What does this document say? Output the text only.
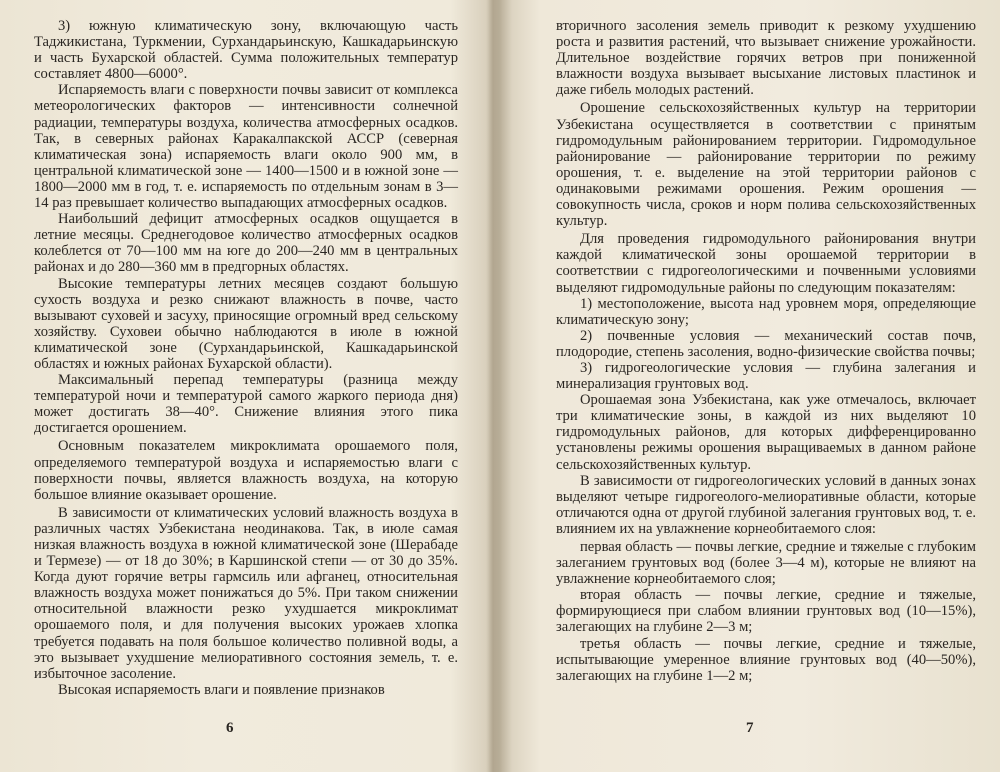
3) южную климатическую зону, включающую часть Таджикистана, Туркмении, Сурхандарьинскую, Кашкадарьинскую и часть Бухарской областей. Сумма положительных температур составляет 4800—6000°.

Испаряемость влаги с поверхности почвы зависит от комплекса метеорологических факторов — интенсивности солнечной радиации, температуры воздуха, количества атмосферных осадков. Так, в северных районах Каракалпакской АССР (северная климатическая зона) испаряемость влаги около 900 мм, в центральной климатической зоне — 1400—1500 и в южной зоне — 1800—2000 мм в год, т. е. испаряемость по отдельным зонам в 3—14 раз превышает количество выпадающих атмосферных осадков.

Наибольший дефицит атмосферных осадков ощущается в летние месяцы. Среднегодовое количество атмосферных осадков колеблется от 70—100 мм на юге до 200—240 мм в центральных районах и до 280—360 мм в предгорных областях.

Высокие температуры летних месяцев создают большую сухость воздуха и резко снижают влажность в почве, часто вызывают суховей и засуху, приносящие огромный вред сельскому хозяйству. Суховеи обычно наблюдаются в июле в южной климатической зоне (Сурхандарьинской, Кашкадарьинской областях и южных районах Бухарской области).

Максимальный перепад температуры (разница между температурой ночи и температурой самого жаркого периода дня) может достигать 38—40°. Снижение влияния этого пика достигается орошением.

Основным показателем микроклимата орошаемого поля, определяемого температурой воздуха и испаряемостью влаги с поверхности почвы, является влажность воздуха, на которую большое влияние оказывает орошение.

В зависимости от климатических условий влажность воздуха в различных частях Узбекистана неодинакова. Так, в июле самая низкая влажность воздуха в южной климатической зоне (Шерабаде и Термезе) — от 18 до 30%; в Каршинской степи — от 30 до 35%. Когда дуют горячие ветры гармсиль или афганец, относительная влажность воздуха может понижаться до 5%. При таком снижении относительной влажности резко ухудшается микроклимат орошаемого поля, и для получения высоких урожаев хлопка требуется подавать на поля большое количество поливной воды, а это вызывает ухудшение мелиоративного состояния земель, т. е. избыточное засоление.

Высокая испаряемость влаги и появление признаков

6

вторичного засоления земель приводит к резкому ухудшению роста и развития растений, что вызывает снижение урожайности. Длительное воздействие горячих ветров при пониженной влажности воздуха вызывает высыхание листовых пластинок и даже гибель молодых растений.

Орошение сельскохозяйственных культур на территории Узбекистана осуществляется в соответствии с принятым гидромодульным районированием территории. Гидромодульное районирование — районирование территории по режиму орошения, т. е. выделение на этой территории районов с одинаковыми режимами орошения. Режим орошения — совокупность числа, сроков и норм полива сельскохозяйственных культур.

Для проведения гидромодульного районирования внутри каждой климатической зоны орошаемой территории в соответствии с гидрогеологическими и почвенными условиями выделяют гидромодульные районы по следующим показателям:

1) местоположение, высота над уровнем моря, определяющие климатическую зону;

2) почвенные условия — механический состав почв, плодородие, степень засоления, водно-физические свойства почвы;

3) гидрогеологические условия — глубина залегания и минерализация грунтовых вод.

Орошаемая зона Узбекистана, как уже отмечалось, включает три климатические зоны, в каждой из них выделяют 10 гидромодульных районов, для которых дифференцированно установлены режимы орошения выращиваемых в данном районе сельскохозяйственных культур.

В зависимости от гидрогеологических условий в данных зонах выделяют четыре гидрогеолого-мелиоративные области, которые отличаются одна от другой глубиной залегания грунтовых вод, т. е. влиянием их на увлажнение корнеобитаемого слоя:

первая область — почвы легкие, средние и тяжелые с глубоким залеганием грунтовых вод (более 3—4 м), которые не влияют на увлажнение корнеобитаемого слоя;

вторая область — почвы легкие, средние и тяжелые, формирующиеся при слабом влиянии грунтовых вод (10—15%), залегающих на глубине 2—3 м;

третья область — почвы легкие, средние и тяжелые, испытывающие умеренное влияние грунтовых вод (40—50%), залегающих на глубине 1—2 м;

7
